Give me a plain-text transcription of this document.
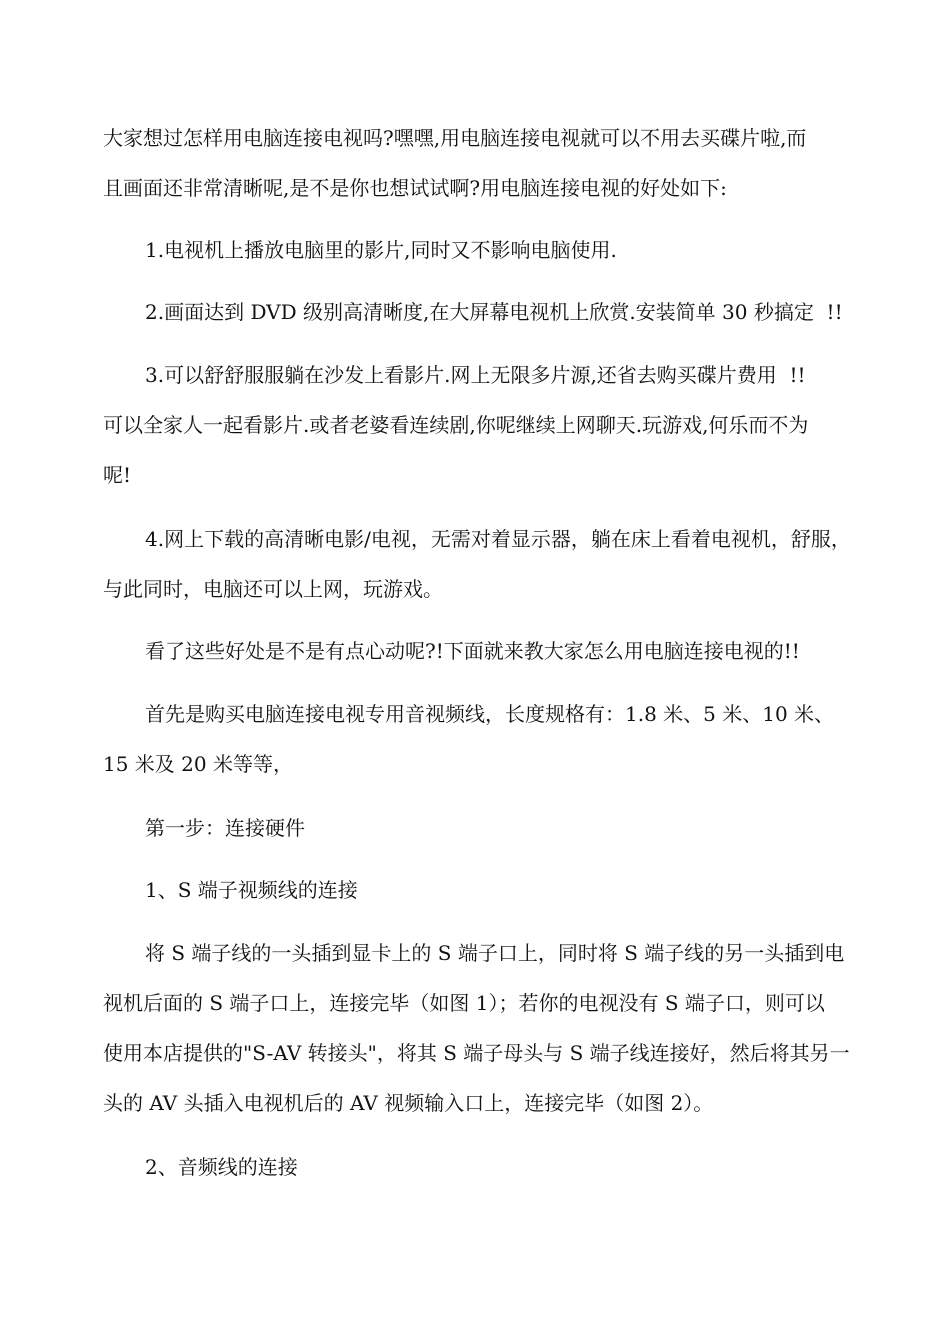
大家想过怎样用电脑连接电视吗?嘿嘿,用电脑连接电视就可以不用去买碟片啦,而
且画面还非常清晰呢,是不是你也想试试啊?用电脑连接电视的好处如下:
1.电视机上播放电脑里的影片,同时又不影响电脑使用.
2.画面达到 DVD 级别高清晰度,在大屏幕电视机上欣赏.安装简单 30 秒搞定  !!
3.可以舒舒服服躺在沙发上看影片.网上无限多片源,还省去购买碟片费用  !!
可以全家人一起看影片.或者老婆看连续剧,你呢继续上网聊天.玩游戏,何乐而不为
呢!
4.网上下载的高清晰电影/电视，无需对着显示器，躺在床上看着电视机，舒服，
与此同时，电脑还可以上网，玩游戏。
看了这些好处是不是有点心动呢?!下面就来教大家怎么用电脑连接电视的!!
首先是购买电脑连接电视专用音视频线，长度规格有：1.8 米、5 米、10 米、
15 米及 20 米等等，
第一步：连接硬件
1、S 端子视频线的连接
将 S 端子线的一头插到显卡上的 S 端子口上，同时将 S 端子线的另一头插到电
视机后面的 S 端子口上，连接完毕（如图 1）；若你的电视没有 S 端子口，则可以
使用本店提供的"S-AV 转接头"，将其 S 端子母头与 S 端子线连接好，然后将其另一
头的 AV 头插入电视机后的 AV 视频输入口上，连接完毕（如图 2）。
2、音频线的连接
